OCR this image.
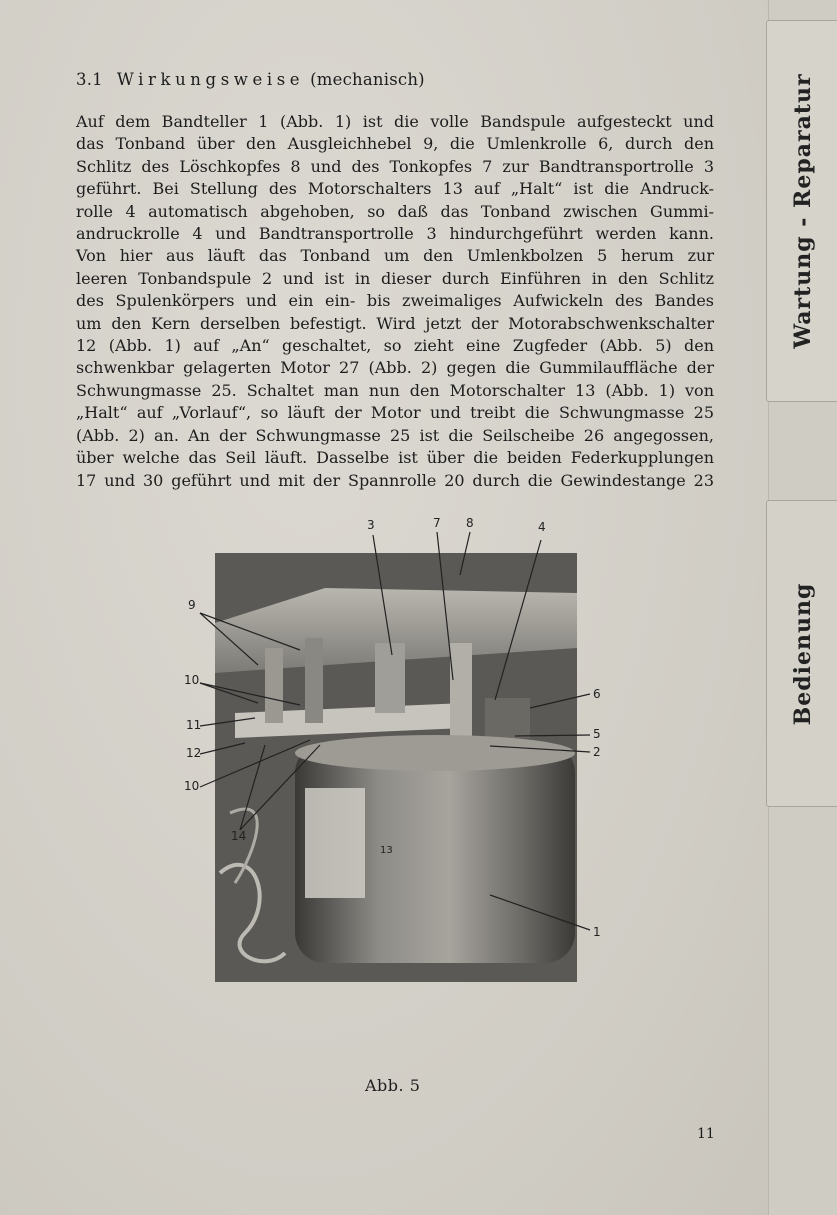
Wartung - Reparatur
Bedienung
3.1 Wirkungsweise (mechanisch)
Auf dem Bandteller 1 (Abb. 1) ist die volle Bandspule aufgesteckt und
das Tonband über den Ausgleichhebel 9, die Umlenkrolle 6, durch den
Schlitz des Löschkopfes 8 und des Tonkopfes 7 zur Bandtransportrolle 3
geführt. Bei Stellung des Motorschalters 13 auf „Halt“ ist die Andruck-
rolle 4 automatisch abgehoben, so daß das Tonband zwischen Gummi-
andruckrolle 4 und Bandtransportrolle 3 hindurchgeführt werden kann.
Von hier aus läuft das Tonband um den Umlenkbolzen 5 herum zur
leeren Tonbandspule 2 und ist in dieser durch Einführen in den Schlitz
des Spulenkörpers und ein ein- bis zweimaliges Aufwickeln des Bandes
um den Kern derselben befestigt. Wird jetzt der Motorabschwenkschalter
12 (Abb. 1) auf „An“ geschaltet, so zieht eine Zugfeder (Abb. 5) den
schwenkbar gelagerten Motor 27 (Abb. 2) gegen die Gummilauffläche der
Schwungmasse 25. Schaltet man nun den Motorschalter 13 (Abb. 1) von
„Halt“ auf „Vorlauf“, so läuft der Motor und treibt die Schwungmasse 25
(Abb. 2) an. An der Schwungmasse 25 ist die Seilscheibe 26 angegossen,
über welche das Seil läuft. Dasselbe ist über die beiden Federkupplungen
17 und 30 geführt und mit der Spannrolle 20 durch die Gewindestange 23
13
3	7 8	4
9
10
11
12
10
14
6
5
2
1
Abb. 5
11
